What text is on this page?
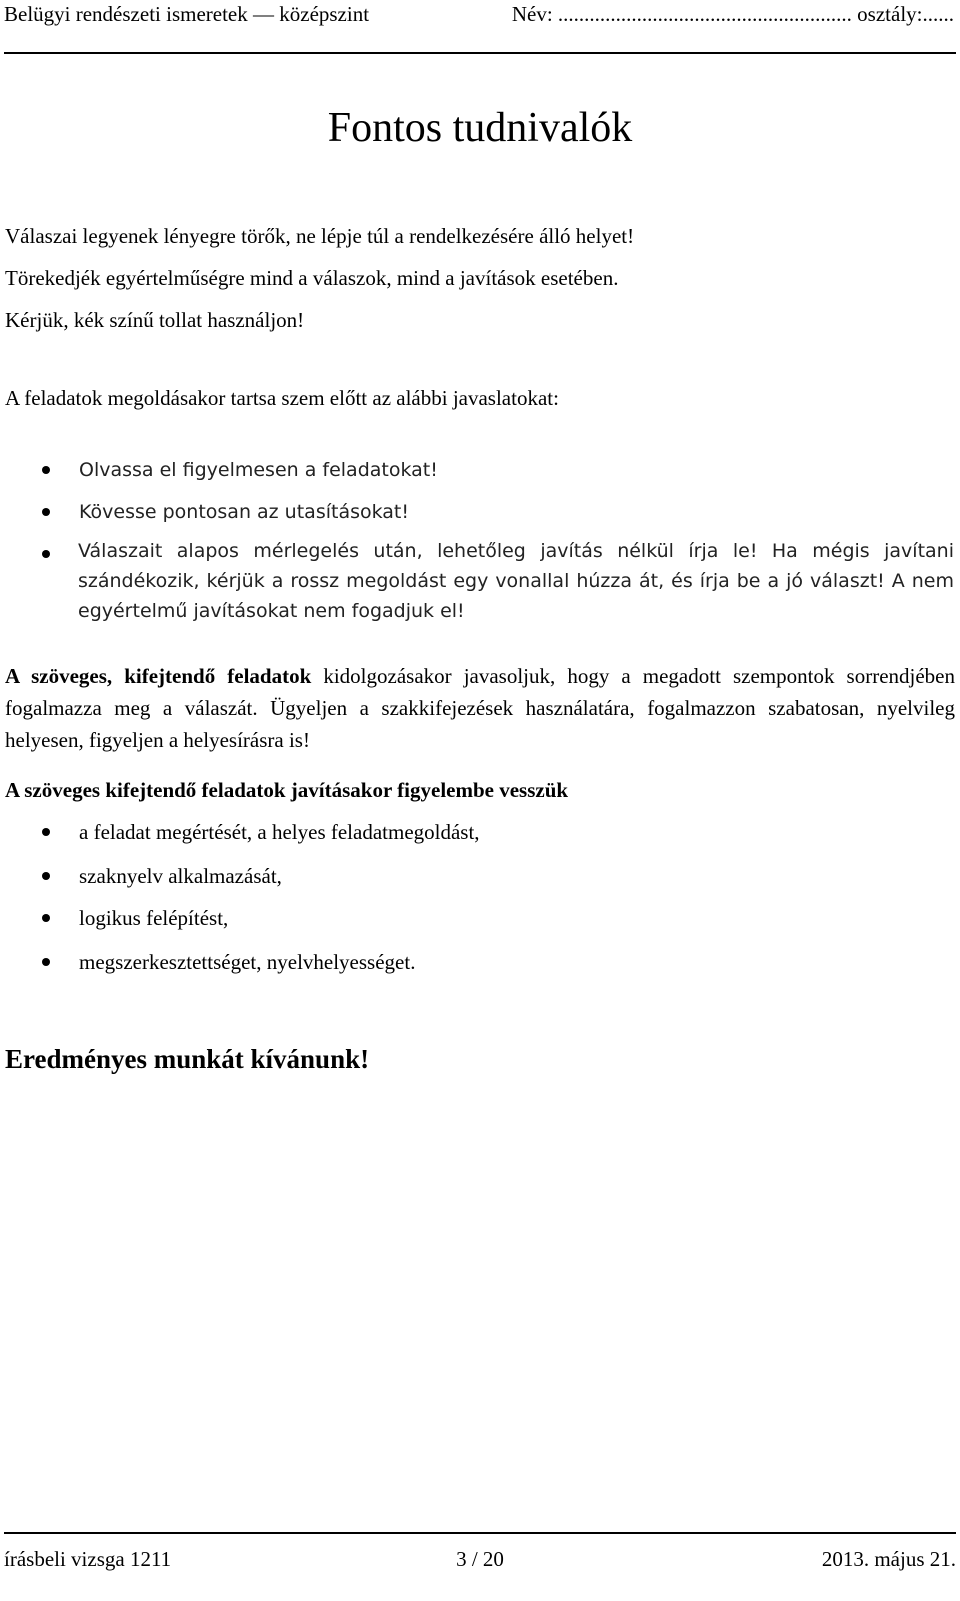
Belügyi rendészeti ismeretek — középszint	Név: ........................................................ osztály:......
Fontos tudnivalók
Válaszai legyenek lényegre törők, ne lépje túl a rendelkezésére álló helyet!
Törekedjék egyértelműségre mind a válaszok, mind a javítások esetében.
Kérjük, kék színű tollat használjon!
A feladatok megoldásakor tartsa szem előtt az alábbi javaslatokat:
Olvassa el figyelmesen a feladatokat!
Kövesse pontosan az utasításokat!
Válaszait alapos mérlegelés után, lehetőleg javítás nélkül írja le! Ha mégis javítani szándékozik, kérjük a rossz megoldást egy vonallal húzza át, és írja be a jó választ! A nem egyértelmű javításokat nem fogadjuk el!
A szöveges, kifejtendő feladatok kidolgozásakor javasoljuk, hogy a megadott szempontok sorrendjében fogalmazza meg a válaszát. Ügyeljen a szakkifejezések használatára, fogalmazzon szabatosan, nyelvileg helyesen, figyeljen a helyesírásra is!
A szöveges kifejtendő feladatok javításakor figyelembe vesszük
a feladat megértését, a helyes feladatmegoldást,
szaknyelv alkalmazását,
logikus felépítést,
megszerkesztettséget, nyelvhelyességet.
Eredményes munkát kívánunk!
írásbeli vizsga 1211	3 / 20	2013. május 21.
